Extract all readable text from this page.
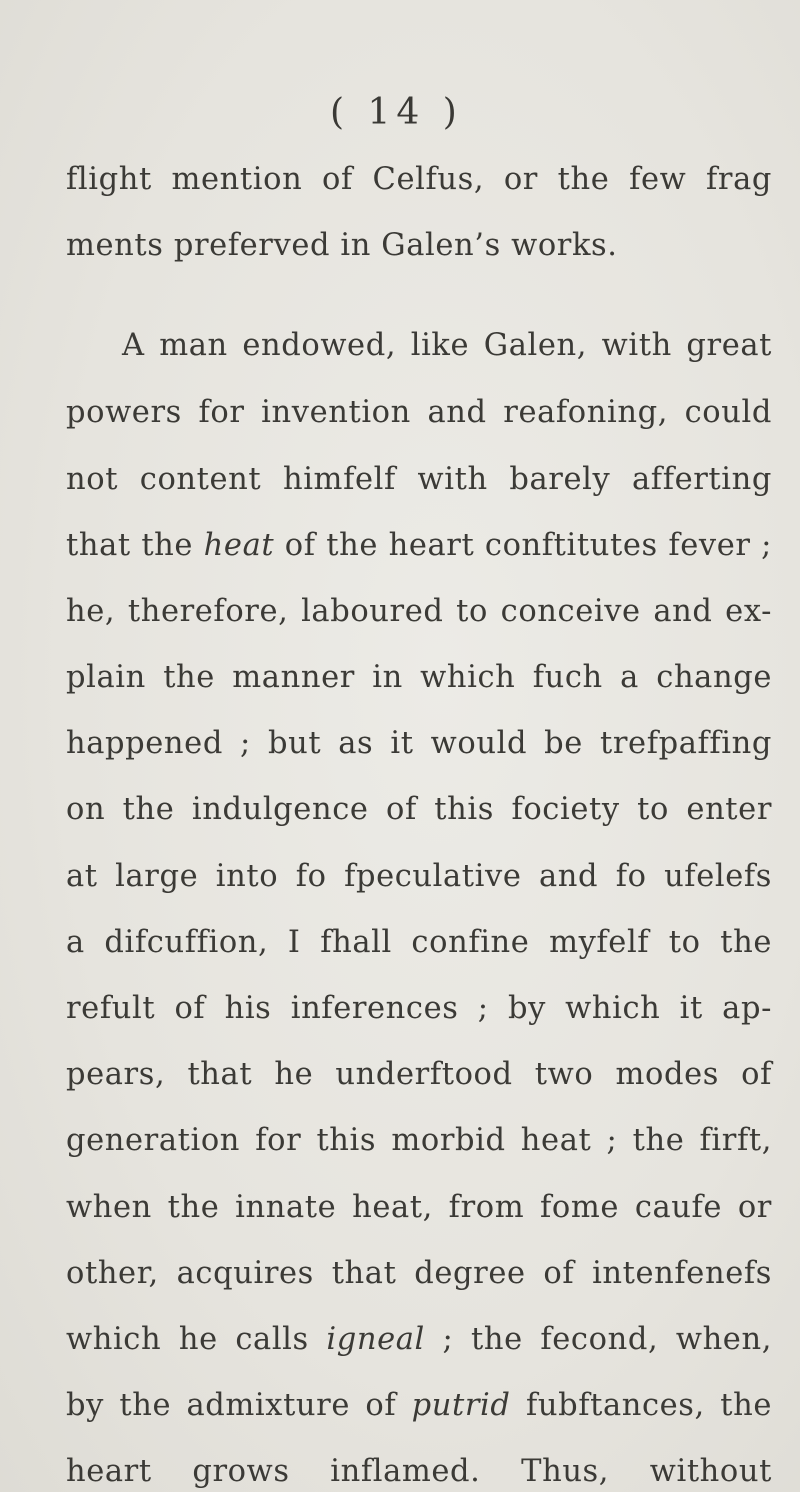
( 14 )
flight mention of Celfus, or the few frag
ments preferved in Galen’s works.
A man endowed, like Galen, with great
powers for invention and reafoning, could
not content himfelf with barely afferting
that the heat of the heart conftitutes fever ;
he, therefore, laboured to conceive and ex-
plain the manner in which fuch a change
happened ; but as it would be trefpaffing
on the indulgence of this fociety to enter
at large into fo fpeculative and fo ufelefs
a difcuffion, I fhall confine myfelf to the
refult of his inferences ; by which it ap-
pears, that he underftood two modes of
generation for this morbid heat ; the firft,
when the innate heat, from fome caufe or
other, acquires that degree of intenfenefs
which he calls igneal ; the fecond, when,
by the admixture of putrid fubftances, the
heart grows inflamed. Thus, without
